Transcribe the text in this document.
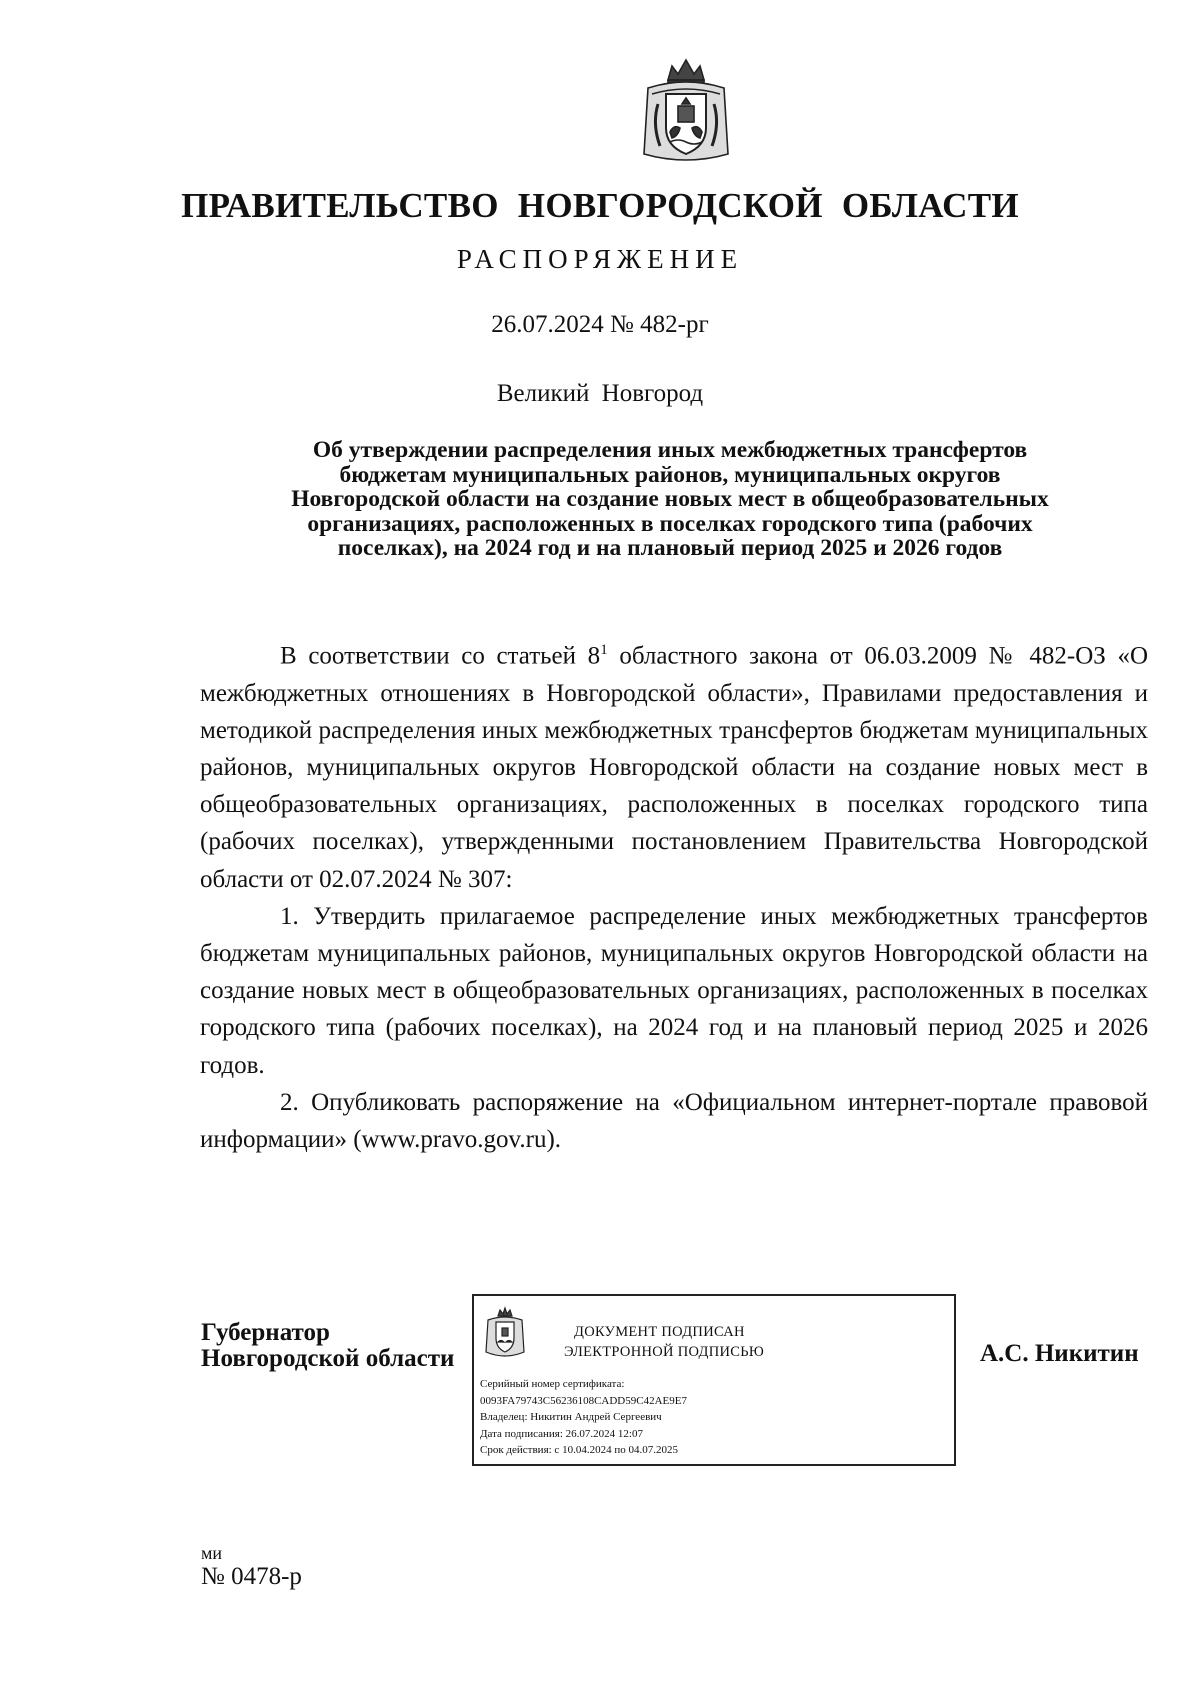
ПРАВИТЕЛЬСТВО НОВГОРОДСКОЙ ОБЛАСТИ
РАСПОРЯЖЕНИЕ
26.07.2024 № 482-рг
Великий Новгород
Об утверждении распределения иных межбюджетных трансфертов
бюджетам муниципальных районов, муниципальных округов
Новгородской области на создание новых мест в общеобразовательных
организациях, расположенных в поселках городского типа (рабочих
поселках), на 2024 год и на плановый период 2025 и 2026 годов

В соответствии со статьей $8^1$ областного закона от 06.03.2009 № 482-ОЗ «О межбюджетных отношениях в Новгородской области», Правилами предоставления и методикой распределения иных межбюджетных трансфертов бюджетам муниципальных районов, муниципальных округов Новгородской области на создание новых мест в общеобразовательных организациях, расположенных в поселках городского типа (рабочих поселках), утвержденными постановлением Правительства Новгородской области от 02.07.2024 № 307:

1. Утвердить прилагаемое распределение иных межбюджетных трансфертов бюджетам муниципальных районов, муниципальных округов Новгородской области на создание новых мест в общеобразовательных организациях, расположенных в поселках городского типа (рабочих поселках), на 2024 год и на плановый период 2025 и 2026 годов.

2. Опубликовать распоряжение на «Официальном интернет-портале правовой информации» (www.pravo.gov.ru).

Губернатор
Новгородской области
ДОКУМЕНТ ПОДПИСАН
ЭЛЕКТРОННОЙ ПОДПИСЬЮ
Серийный номер сертификата:
0093FA79743C56236108CADD59C42AE9E7
Владелец: Никитин Андрей Сергеевич
Дата подписания: 26.07.2024 12:07
Срок действия: с 10.04.2024 по 04.07.2025
А.С. Никитин
ми
№ 0478-р
